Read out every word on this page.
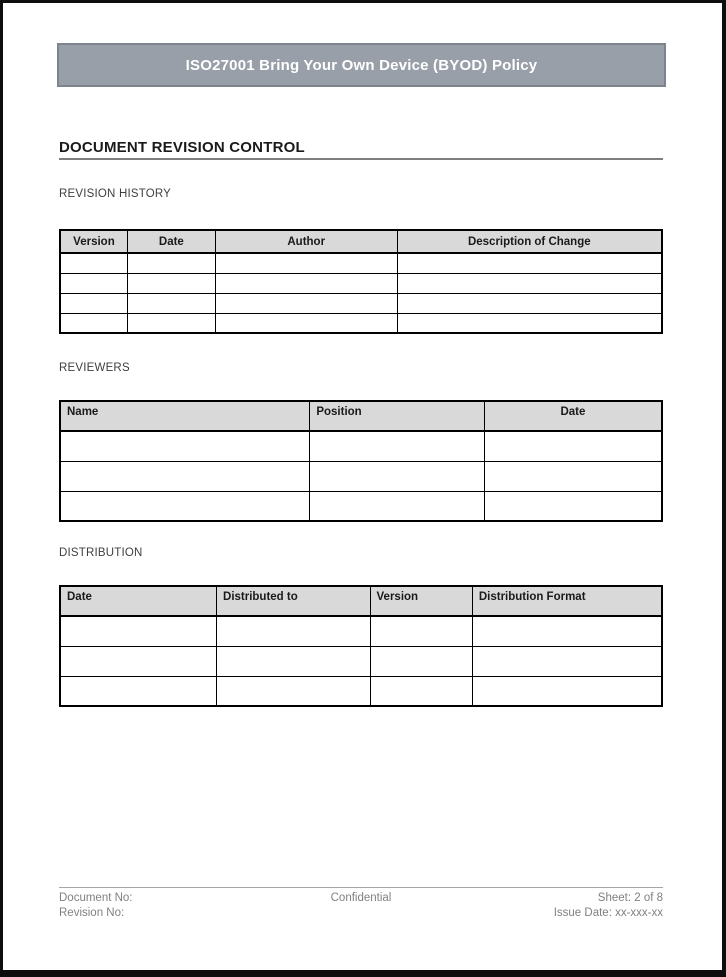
ISO27001 Bring Your Own Device (BYOD) Policy
DOCUMENT REVISION CONTROL
REVISION HISTORY
Version	Date	Author	Description of Change

REVIEWERS
Name	Position	Date

DISTRIBUTION
Date	Distributed to	Version	Distribution Format

Document No:
Revision No:
Confidential	Sheet: 2 of 8
Issue Date: xx-xxx-xx
